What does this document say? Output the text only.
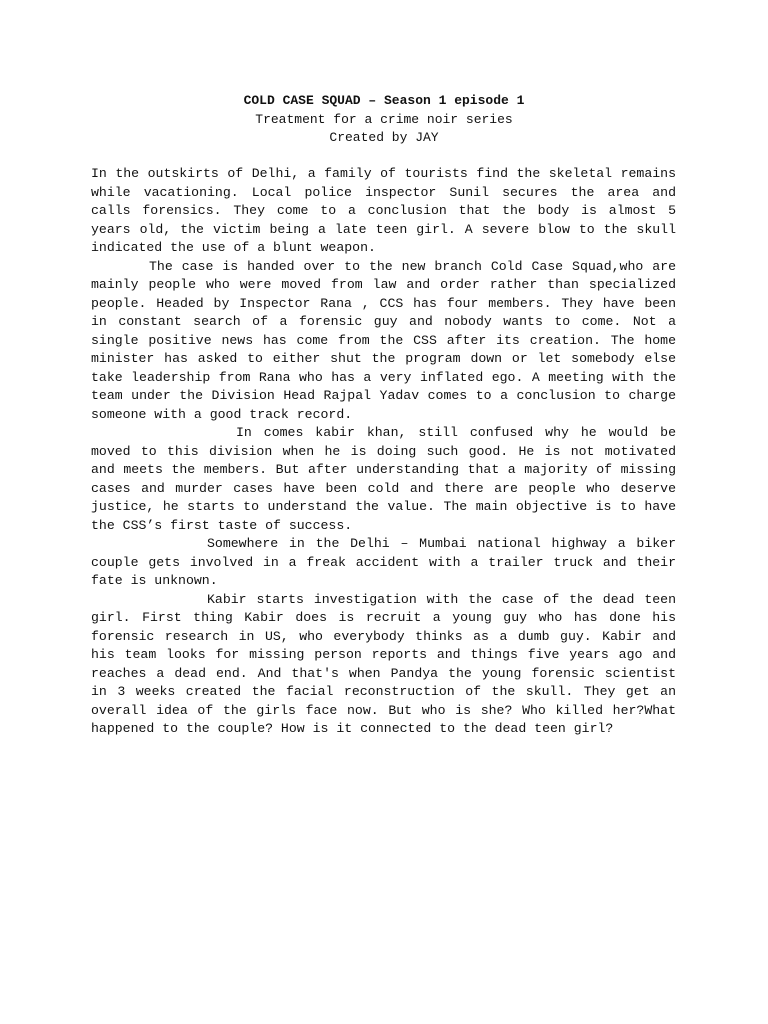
COLD CASE SQUAD – Season 1 episode 1
Treatment for a crime noir series
Created by JAY

In the outskirts of Delhi, a family of tourists find the skeletal remains while vacationing. Local police inspector Sunil secures the area and calls forensics. They come to a conclusion that the body is almost 5 years old, the victim being a late teen girl. A severe blow to the skull indicated the use of a blunt weapon.

The case is handed over to the new branch Cold Case Squad,who are mainly people who were moved from law and order rather than specialized people. Headed by Inspector Rana , CCS has four members. They have been in constant search of a forensic guy and nobody wants to come. Not a single positive news has come from the CSS after its creation. The home minister has asked to either shut the program down or let somebody else take leadership from Rana who has a very inflated ego. A meeting with the team under the Division Head Rajpal Yadav comes to a conclusion to charge someone with a good track record.

In comes kabir khan, still confused why he would be moved to this division when he is doing such good. He is not motivated and meets the members. But after understanding that a majority of missing cases and murder cases have been cold and there are people who deserve justice, he starts to understand the value. The main objective is to have the CSS’s first taste of success.

Somewhere in the Delhi – Mumbai national highway a biker couple gets involved in a freak accident with a trailer truck and their fate is unknown.

Kabir starts investigation with the case of the dead teen girl. First thing Kabir does is recruit a young guy who has done his forensic research in US, who everybody thinks as a dumb guy. Kabir and his team looks for missing person reports and things five years ago and reaches a dead end. And that's when Pandya the young forensic scientist in 3 weeks created the facial reconstruction of the skull. They get an overall idea of the girls face now. But who is she? Who killed her?What happened to the couple? How is it connected to the dead teen girl?
